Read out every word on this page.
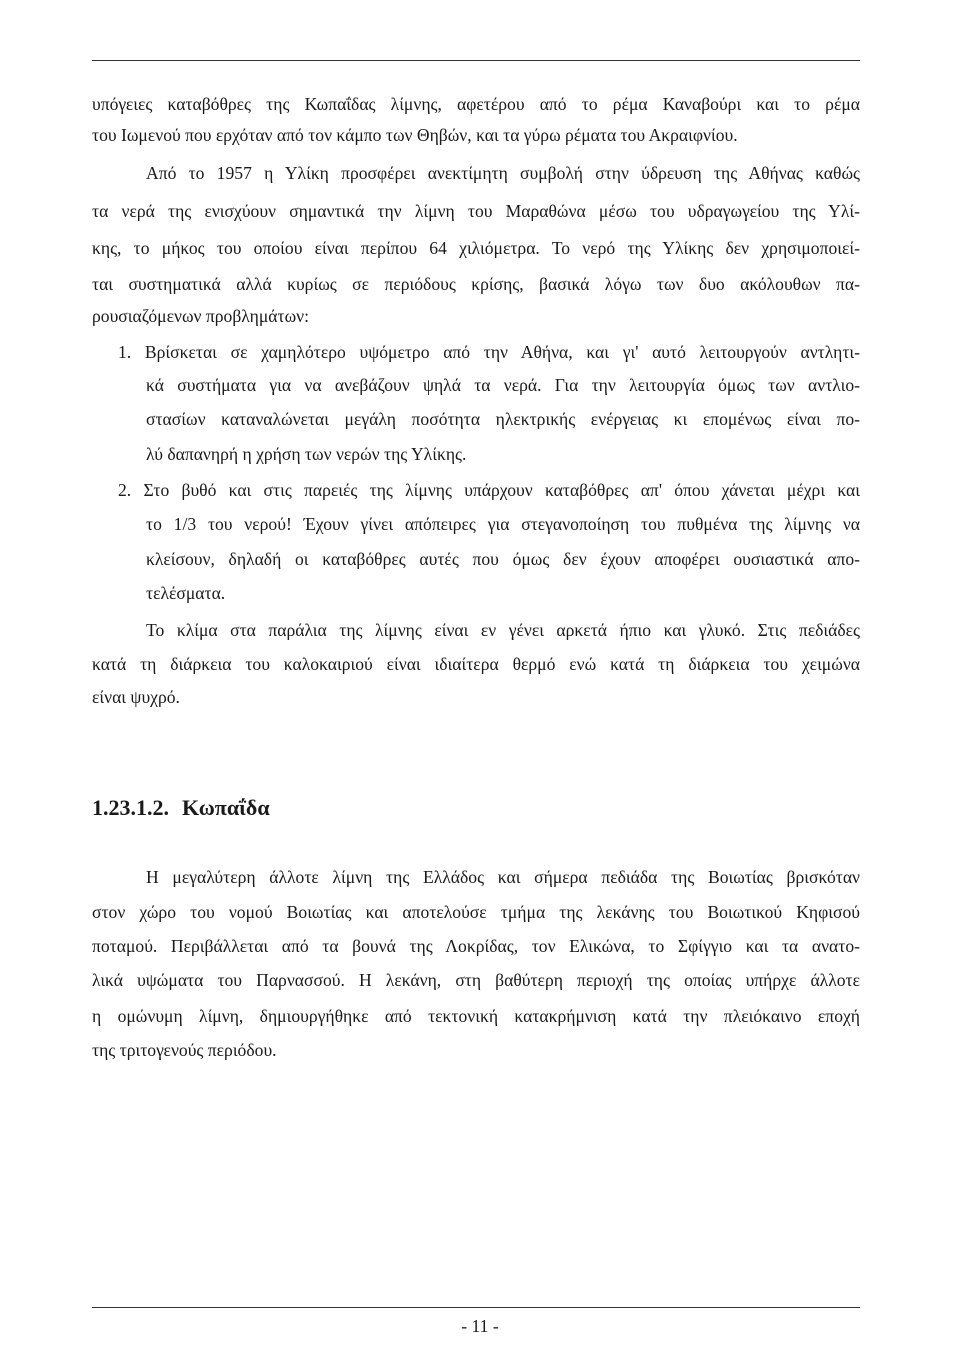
υπόγειες καταβόθρες της Κωπαΐδας λίμνης, αφετέρου από το ρέμα Καναβούρι και το ρέμα

του Ιωμενού που ερχόταν από τον κάμπο των Θηβών, και τα γύρω ρέματα του Ακραιφνίου.

Από το 1957 η Υλίκη προσφέρει ανεκτίμητη συμβολή στην ύδρευση της Αθήνας καθώς

τα νερά της ενισχύουν σημαντικά την λίμνη του Μαραθώνα μέσω του υδραγωγείου της Υλί-

κης, το μήκος του οποίου είναι περίπου 64 χιλιόμετρα. Το νερό της Υλίκης δεν χρησιμοποιεί-

ται συστηματικά αλλά κυρίως σε περιόδους κρίσης, βασικά λόγω των δυο ακόλουθων πα-

ρουσιαζόμενων προβλημάτων:

1. Βρίσκεται σε χαμηλότερο υψόμετρο από την Αθήνα, και γι' αυτό λειτουργούν αντλητι-

κά συστήματα για να ανεβάζουν ψηλά τα νερά. Για την λειτουργία όμως των αντλιο-

στασίων καταναλώνεται μεγάλη ποσότητα ηλεκτρικής ενέργειας κι επομένως είναι πο-

λύ δαπανηρή η χρήση των νερών της Υλίκης.

2. Στο βυθό και στις παρειές της λίμνης υπάρχουν καταβόθρες απ' όπου χάνεται μέχρι και

το 1/3 του νερού! Έχουν γίνει απόπειρες για στεγανοποίηση του πυθμένα της λίμνης να

κλείσουν, δηλαδή οι καταβόθρες αυτές που όμως δεν έχουν αποφέρει ουσιαστικά απο-

τελέσματα.

Το κλίμα στα παράλια της λίμνης είναι εν γένει αρκετά ήπιο και γλυκό. Στις πεδιάδες

κατά τη διάρκεια του καλοκαιριού είναι ιδιαίτερα θερμό ενώ κατά τη διάρκεια του χειμώνα

είναι ψυχρό.

1.23.1.2. Κωπαΐδα

Η μεγαλύτερη άλλοτε λίμνη της Ελλάδος και σήμερα πεδιάδα της Βοιωτίας βρισκόταν

στον χώρο του νομού Βοιωτίας και αποτελούσε τμήμα της λεκάνης του Βοιωτικού Κηφισού

ποταμού. Περιβάλλεται από τα βουνά της Λοκρίδας, τον Ελικώνα, το Σφίγγιο και τα ανατο-

λικά υψώματα του Παρνασσού. Η λεκάνη, στη βαθύτερη περιοχή της οποίας υπήρχε άλλοτε

η ομώνυμη λίμνη, δημιουργήθηκε από τεκτονική κατακρήμνιση κατά την πλειόκαινο εποχή

της τριτογενούς περιόδου.

- 11 -
